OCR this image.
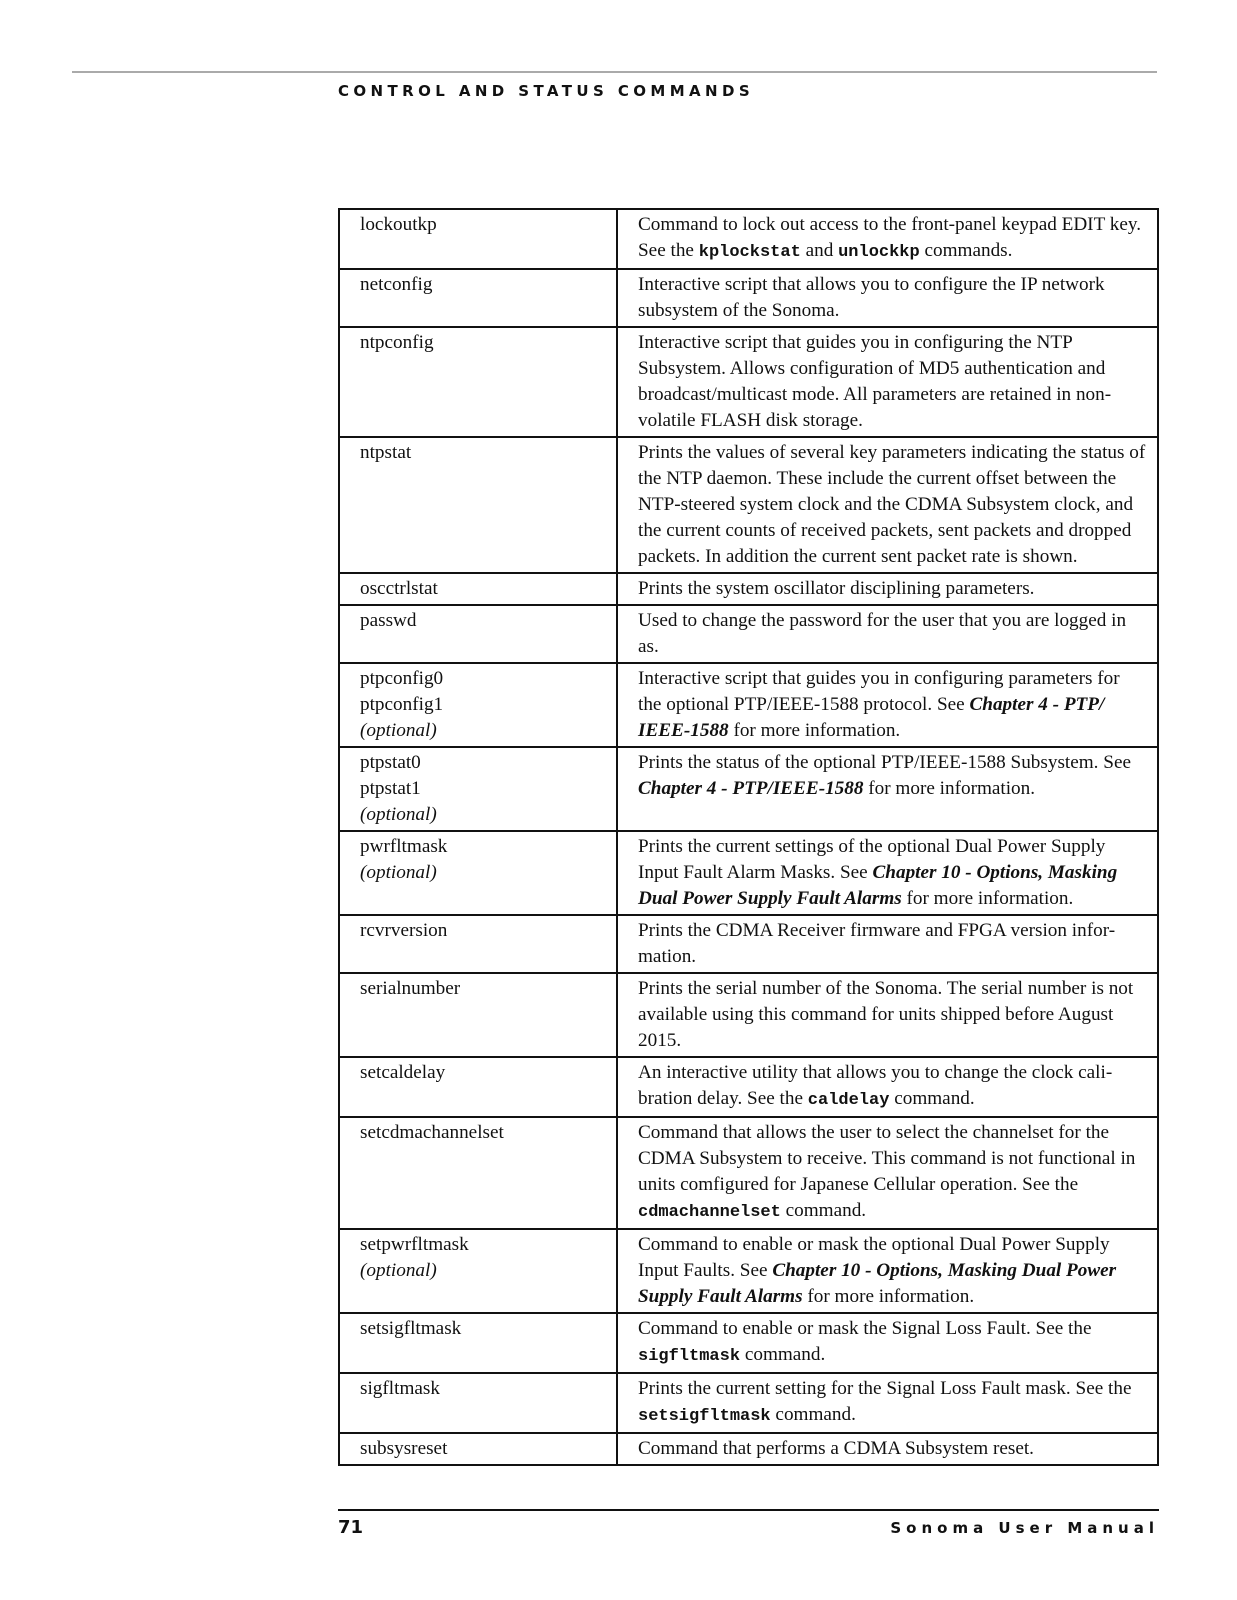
CONTROL AND STATUS COMMANDS
lockoutkp	Command to lock out access to the front-panel keypad EDIT key. See the kplockstat and unlockkp commands.

netconfig	Interactive script that allows you to configure the IP network subsystem of the Sonoma.

ntpconfig	Interactive script that guides you in configuring the NTP Subsystem. Allows configuration of MD5 authentication and broadcast/multicast mode. All parameters are retained in non-volatile FLASH disk storage.

ntpstat	Prints the values of several key parameters indicating the status of the NTP daemon. These include the current offset between the NTP-steered system clock and the CDMA Subsystem clock, and the current counts of received packets, sent packets and dropped packets. In addition the current sent packet rate is shown.

oscctrlstat	Prints the system oscillator disciplining parameters.

passwd	Used to change the password for the user that you are logged in as.

ptpconfig0
ptpconfig1
(optional)	Interactive script that guides you in configuring parameters for the optional PTP/IEEE-1588 protocol. See Chapter 4 - PTP/ IEEE-1588 for more information.

ptpstat0
ptpstat1
(optional)	Prints the status of the optional PTP/IEEE-1588 Subsystem. See Chapter 4 - PTP/IEEE-1588 for more information.

pwrfltmask
(optional)	Prints the current settings of the optional Dual Power Supply Input Fault Alarm Masks. See Chapter 10 - Options, Masking Dual Power Supply Fault Alarms for more information.

rcvrversion	Prints the CDMA Receiver firmware and FPGA version infor-mation.

serialnumber	Prints the serial number of the Sonoma. The serial number is not available using this command for units shipped before August 2015.

setcaldelay	An interactive utility that allows you to change the clock cali-bration delay. See the caldelay command.

setcdmachannelset	Command that allows the user to select the channelset for the CDMA Subsystem to receive. This command is not functional in units comfigured for Japanese Cellular operation. See the cdmachannelset command.

setpwrfltmask
(optional)	Command to enable or mask the optional Dual Power Supply Input Faults. See Chapter 10 - Options, Masking Dual Power Supply Fault Alarms for more information.

setsigfltmask	Command to enable or mask the Signal Loss Fault. See the sigfltmask command.

sigfltmask	Prints the current setting for the Signal Loss Fault mask. See the setsigfltmask command.

subsysreset	Command that performs a CDMA Subsystem reset.
71	Sonoma User Manual
